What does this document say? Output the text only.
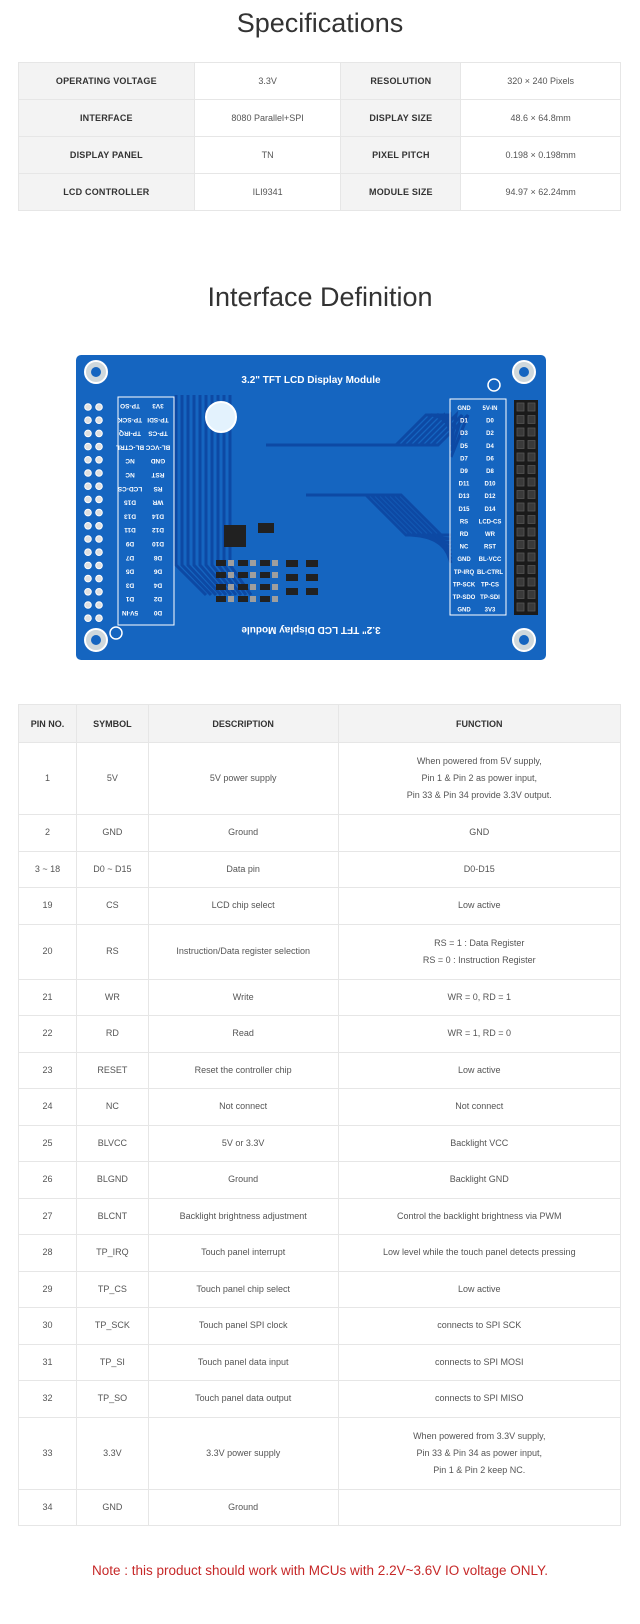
Specifications
OPERATING VOLTAGE	3.3V	RESOLUTION	320 × 240 Pixels
INTERFACE	8080 Parallel+SPI	DISPLAY SIZE	48.6 × 64.8mm
DISPLAY PANEL	TN	PIXEL PITCH	0.198 × 0.198mm
LCD CONTROLLER	ILI9341	MODULE SIZE	94.97 × 62.24mm
Interface Definition
3.2" TFT LCD Display Module
3.2" TFT LCD Display Module
TP-SO
TP-SCK
TP-IRQ
BL-CTRL
NC
NC
LCD-CS
D15
D13
D11
D9
D7
D5
D3
D1
5V-IN
3V3
TP-SDI
TP-CS
BL-VCC
GND
RST
RS
WR
D14
D12
D10
D8
D6
D4
D2
D0
GND
D1
D3
D5
D7
D9
D11
D13
D15
RS
RD
NC
GND
TP-IRQ
TP-SCK
TP-SDO
GND
5V-IN
D0
D2
D4
D6
D8
D10
D12
D14
LCD-CS
WR
RST
BL-VCC
BL-CTRL
TP-CS
TP-SDI
3V3
PIN NO.	SYMBOL	DESCRIPTION	FUNCTION
1	5V	5V power supply	When powered from 5V supply,
Pin 1 & Pin 2 as power input,
Pin 33 & Pin 34 provide 3.3V output.
2	GND	Ground	GND
3 ~ 18	D0 ~ D15	Data pin	D0-D15
19	CS	LCD chip select	Low active
20	RS	Instruction/Data register selection	RS = 1 : Data Register
RS = 0 : Instruction Register
21	WR	Write	WR = 0, RD = 1
22	RD	Read	WR = 1, RD = 0
23	RESET	Reset the controller chip	Low active
24	NC	Not connect	Not connect
25	BLVCC	5V or 3.3V	Backlight VCC
26	BLGND	Ground	Backlight GND
27	BLCNT	Backlight brightness adjustment	Control the backlight brightness via PWM
28	TP_IRQ	Touch panel interrupt	Low level while the touch panel detects pressing
29	TP_CS	Touch panel chip select	Low active
30	TP_SCK	Touch panel SPI clock	connects to SPI SCK
31	TP_SI	Touch panel data input	connects to SPI MOSI
32	TP_SO	Touch panel data output	connects to SPI MISO
33	3.3V	3.3V power supply	When powered from 3.3V supply,
Pin 33 & Pin 34 as power input,
Pin 1 & Pin 2 keep NC.
34	GND	Ground	
Note : this product should work with MCUs with 2.2V~3.6V IO voltage ONLY.
